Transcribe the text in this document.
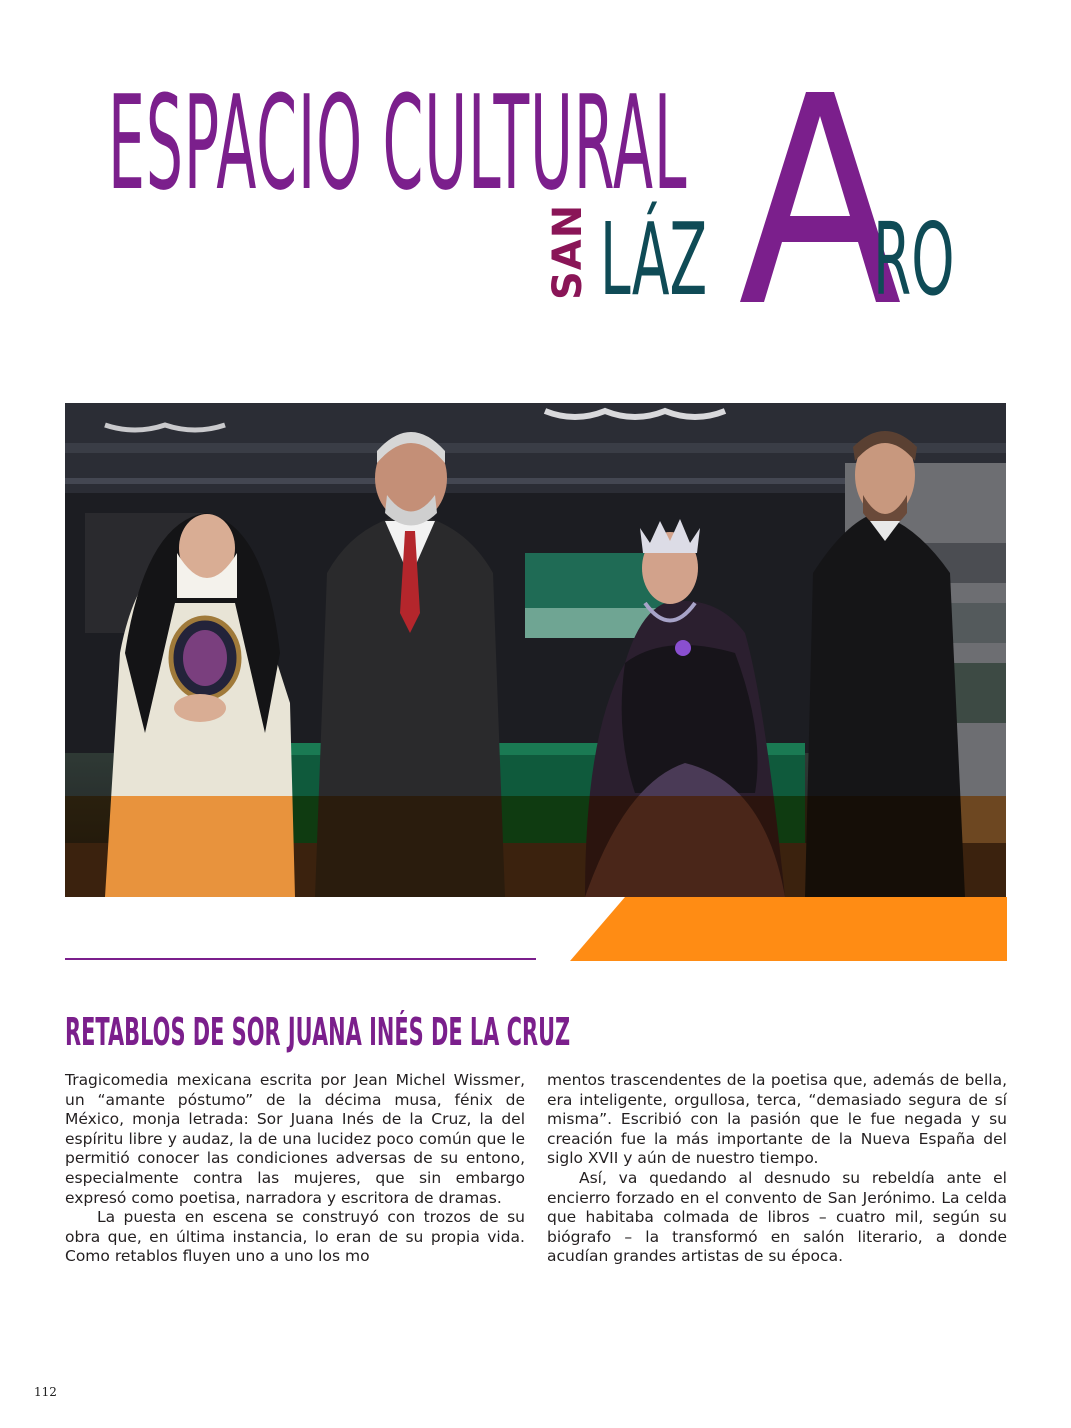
ESPACIO CULTURAL
SAN LÁZ RO
RETABLOS DE SOR JUANA INÉS DE LA CRUZ

Tragicomedia mexicana escrita por Jean Michel Wissmer, un “amante póstumo” de la décima musa, fénix de México, monja letrada: Sor Juana Inés de la Cruz, la del espíritu libre y audaz, la de una lucidez poco común que le permitió conocer las condiciones adversas de su entono, especialmente contra las mujeres, que sin embargo expresó como poetisa, narradora y escritora de dramas.

La puesta en escena se construyó con trozos de su obra que, en última instancia, lo eran de su propia vida. Como retablos fluyen uno a uno los mo

mentos trascendentes de la poetisa que, además de bella, era inteligente, orgullosa, terca, “demasiado segura de sí misma”. Escribió con la pasión que le fue negada y su creación fue la más importante de la Nueva España del siglo XVII y aún de nuestro tiempo.

Así, va quedando al desnudo su rebeldía ante el encierro forzado en el convento de San Jerónimo. La celda que habitaba colmada de libros – cuatro mil, según su biógrafo – la transformó en salón literario, a donde acudían grandes artistas de su época.

112
